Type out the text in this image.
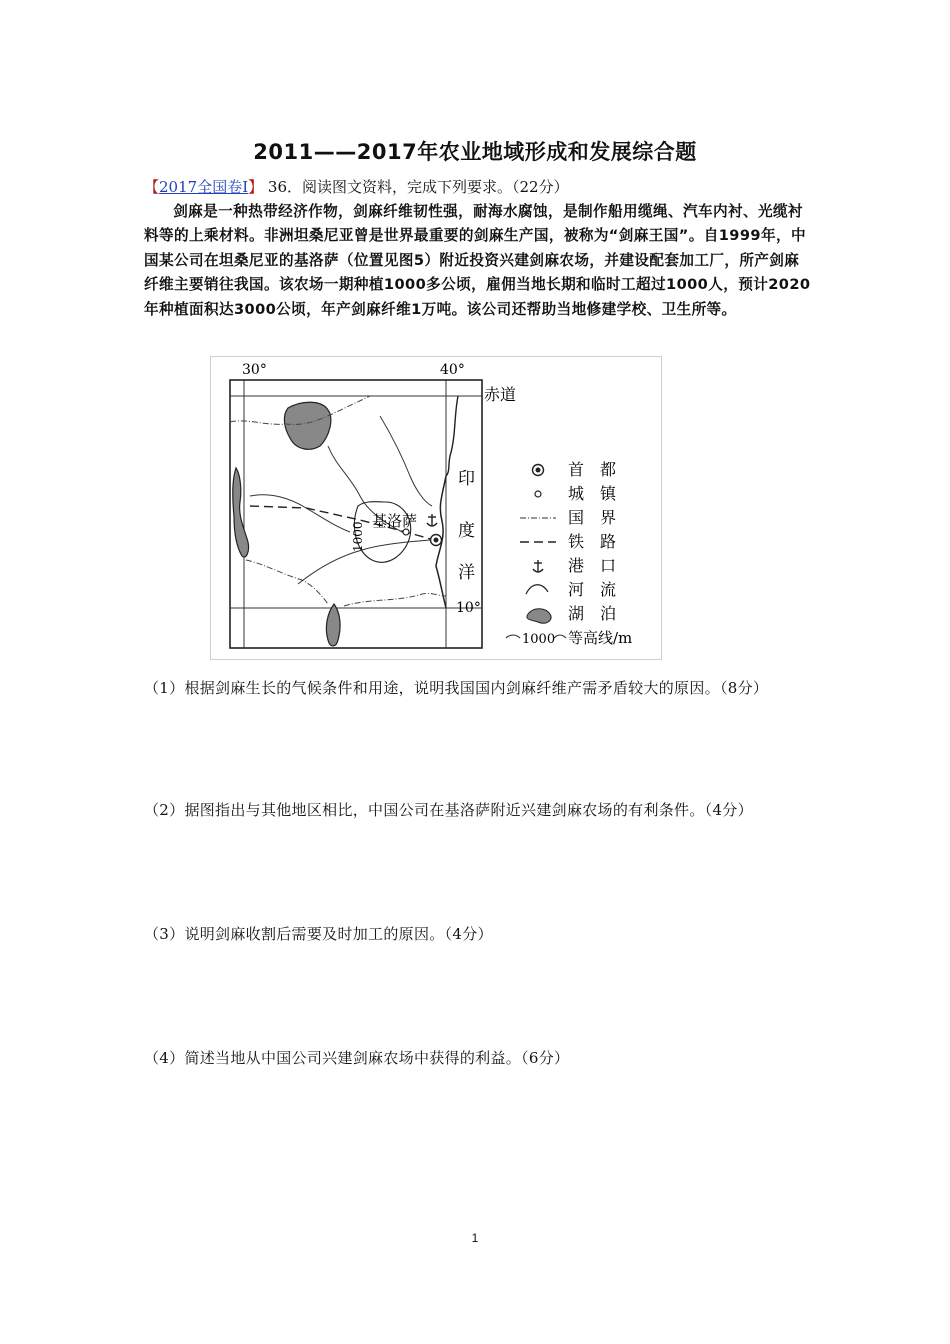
2011——2017年农业地域形成和发展综合题
【2017全国卷I】 36．阅读图文资料，完成下列要求。（22分）
剑麻是一种热带经济作物，剑麻纤维韧性强，耐海水腐蚀，是制作船用缆绳、汽车内衬、光缆衬料等的上乘材料。非洲坦桑尼亚曾是世界最重要的剑麻生产国，被称为“剑麻王国”。自1999年，中国某公司在坦桑尼亚的基洛萨（位置见图5）附近投资兴建剑麻农场，并建设配套加工厂，所产剑麻纤维主要销往我国。该农场一期种植1000多公顷，雇佣当地长期和临时工超过1000人，预计2020年种植面积达3000公顷，年产剑麻纤维1万吨。该公司还帮助当地修建学校、卫生所等。
30°	40°
赤道
印
度
洋
10°
基洛萨
1000
首　都
城　镇
国　界
铁　路
港　口
河　流
湖　泊
1000 等高线/m
（1）根据剑麻生长的气候条件和用途，说明我国国内剑麻纤维产需矛盾较大的原因。（8分）
（2）据图指出与其他地区相比，中国公司在基洛萨附近兴建剑麻农场的有利条件。（4分）
（3）说明剑麻收割后需要及时加工的原因。（4分）
（4）简述当地从中国公司兴建剑麻农场中获得的利益。（6分）
1
